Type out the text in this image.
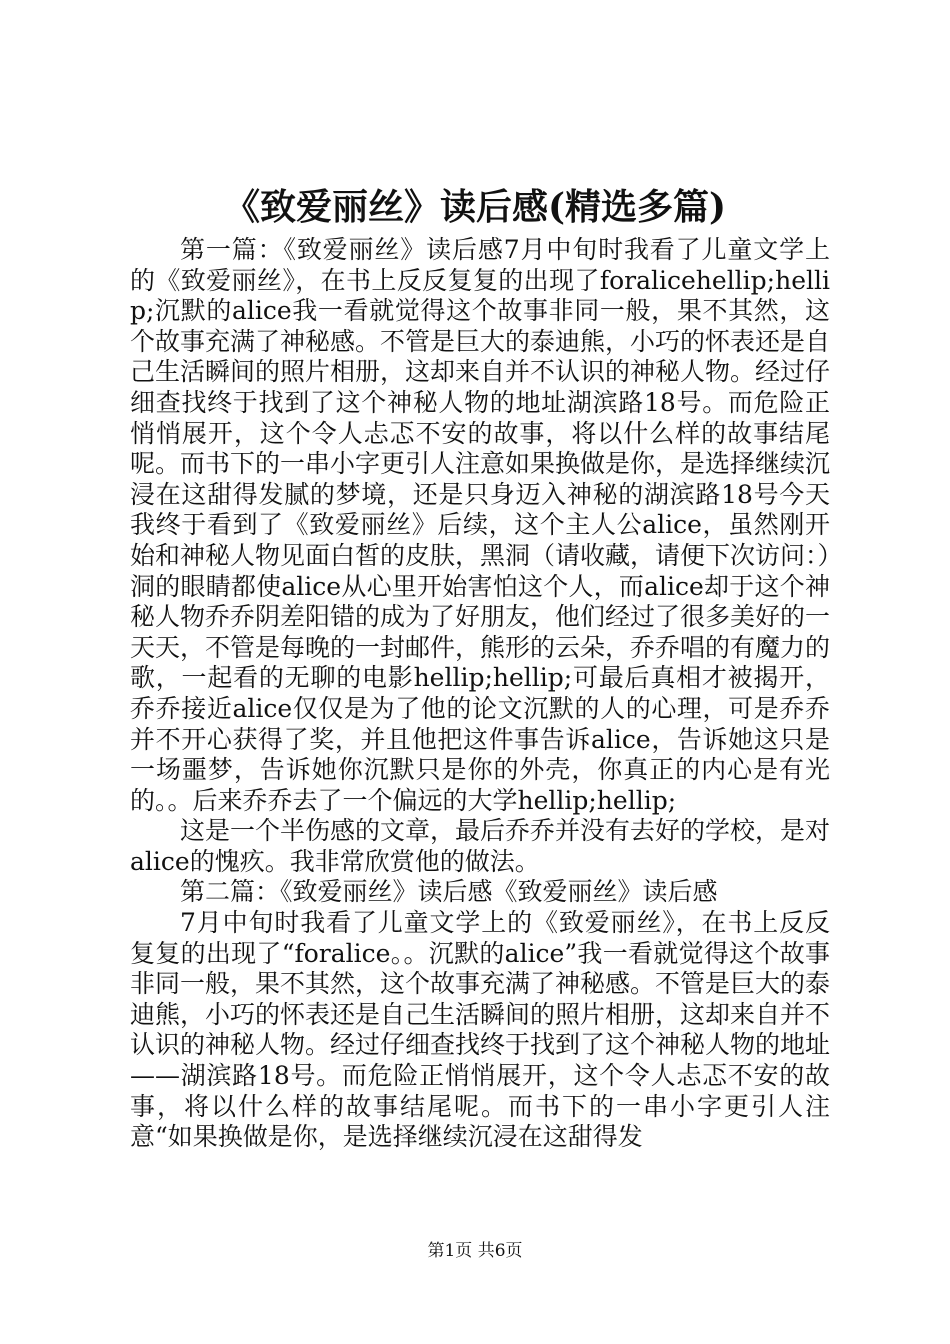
《致爱丽丝》读后感(精选多篇)

第一篇：《致爱丽丝》读后感7月中旬时我看了儿童文学上的《致爱丽丝》，在书上反反复复的出现了foralicehellip;hellip;沉默的alice我一看就觉得这个故事非同一般，果不其然，这个故事充满了神秘感。不管是巨大的泰迪熊，小巧的怀表还是自己生活瞬间的照片相册，这却来自并不认识的神秘人物。经过仔细查找终于找到了这个神秘人物的地址湖滨路18号。而危险正悄悄展开，这个令人忐忑不安的故事，将以什么样的故事结尾呢。而书下的一串小字更引人注意如果换做是你，是选择继续沉浸在这甜得发腻的梦境，还是只身迈入神秘的湖滨路18号今天我终于看到了《致爱丽丝》后续，这个主人公alice，虽然刚开始和神秘人物见面白皙的皮肤，黑洞（请收藏，请便下次访问：）洞的眼睛都使alice从心里开始害怕这个人，而alice却于这个神秘人物乔乔阴差阳错的成为了好朋友，他们经过了很多美好的一天天，不管是每晚的一封邮件，熊形的云朵，乔乔唱的有魔力的歌，一起看的无聊的电影hellip;hellip;可最后真相才被揭开，乔乔接近alice仅仅是为了他的论文沉默的人的心理，可是乔乔并不开心获得了奖，并且他把这件事告诉alice，告诉她这只是一场噩梦，告诉她你沉默只是你的外壳，你真正的内心是有光的。。后来乔乔去了一个偏远的大学hellip;hellip;

这是一个半伤感的文章，最后乔乔并没有去好的学校，是对alice的愧疚。我非常欣赏他的做法。

第二篇：《致爱丽丝》读后感《致爱丽丝》读后感

7月中旬时我看了儿童文学上的《致爱丽丝》，在书上反反复复的出现了“foralice。。沉默的alice”我一看就觉得这个故事非同一般，果不其然，这个故事充满了神秘感。不管是巨大的泰迪熊，小巧的怀表还是自己生活瞬间的照片相册，这却来自并不认识的神秘人物。经过仔细查找终于找到了这个神秘人物的地址——湖滨路18号。而危险正悄悄展开，这个令人忐忑不安的故事，将以什么样的故事结尾呢。而书下的一串小字更引人注意“如果换做是你，是选择继续沉浸在这甜得发

第1页 共6页
